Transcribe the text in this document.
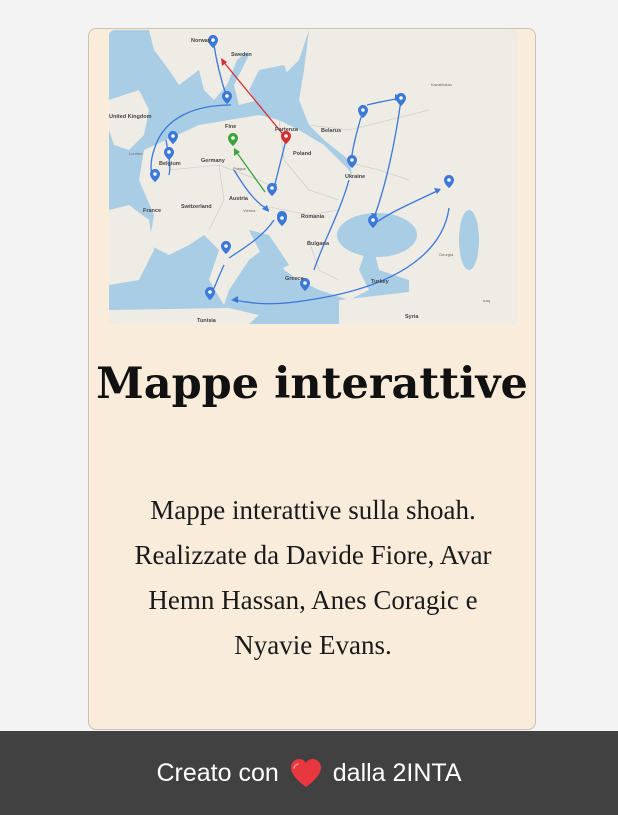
Norway
Sweden
United Kingdom
Belgium	Germany
France
Poland
Belarus
Ukraine
Romania
Switzerland
Austria
Bulgaria
Greece	Turkey
Syria
Tunisia
Prague
Vienna
London
Kazakhstan
Georgia
Iraq
Partenza
Fine
Mappe interattive

Mappe interattive sulla shoah. Realizzate da Davide Fiore, Avar Hemn Hassan, Anes Coragic e Nyavie Evans.

Creato con dalla 2INTA
